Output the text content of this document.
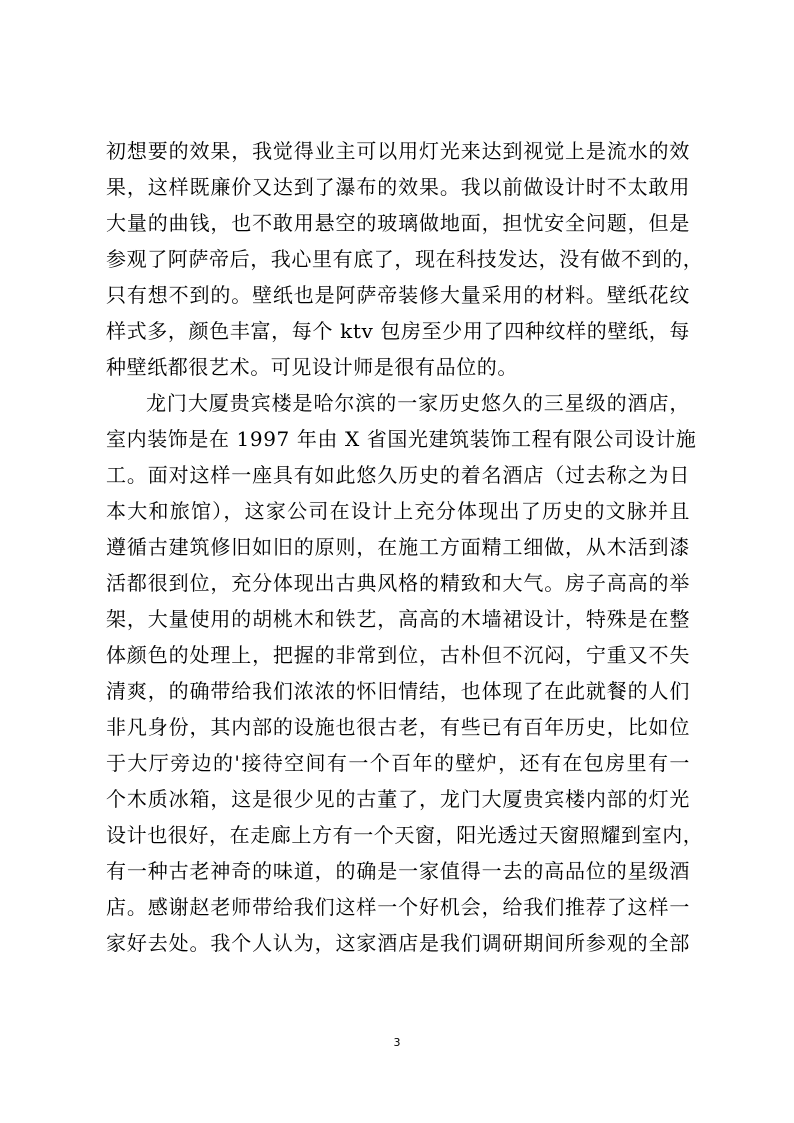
初想要的效果，我觉得业主可以用灯光来达到视觉上是流水的效
果，这样既廉价又达到了瀑布的效果。我以前做设计时不太敢用
大量的曲钱，也不敢用悬空的玻璃做地面，担忧安全问题，但是
参观了阿萨帝后，我心里有底了，现在科技发达，没有做不到的，
只有想不到的。壁纸也是阿萨帝装修大量采用的材料。壁纸花纹
样式多，颜色丰富，每个 ktv 包房至少用了四种纹样的壁纸，每
种壁纸都很艺术。可见设计师是很有品位的。
龙门大厦贵宾楼是哈尔滨的一家历史悠久的三星级的酒店，
室内装饰是在 1997 年由 X 省国光建筑装饰工程有限公司设计施
工。面对这样一座具有如此悠久历史的着名酒店（过去称之为日
本大和旅馆），这家公司在设计上充分体现出了历史的文脉并且
遵循古建筑修旧如旧的原则，在施工方面精工细做，从木活到漆
活都很到位，充分体现出古典风格的精致和大气。房子高高的举
架，大量使用的胡桃木和铁艺，高高的木墙裙设计，特殊是在整
体颜色的处理上，把握的非常到位，古朴但不沉闷，宁重又不失
清爽，的确带给我们浓浓的怀旧情结，也体现了在此就餐的人们
非凡身份，其内部的设施也很古老，有些已有百年历史，比如位
于大厅旁边的'接待空间有一个百年的壁炉，还有在包房里有一
个木质冰箱，这是很少见的古董了，龙门大厦贵宾楼内部的灯光
设计也很好，在走廊上方有一个天窗，阳光透过天窗照耀到室内，
有一种古老神奇的味道，的确是一家值得一去的高品位的星级酒
店。感谢赵老师带给我们这样一个好机会，给我们推荐了这样一
家好去处。我个人认为，这家酒店是我们调研期间所参观的全部
3
